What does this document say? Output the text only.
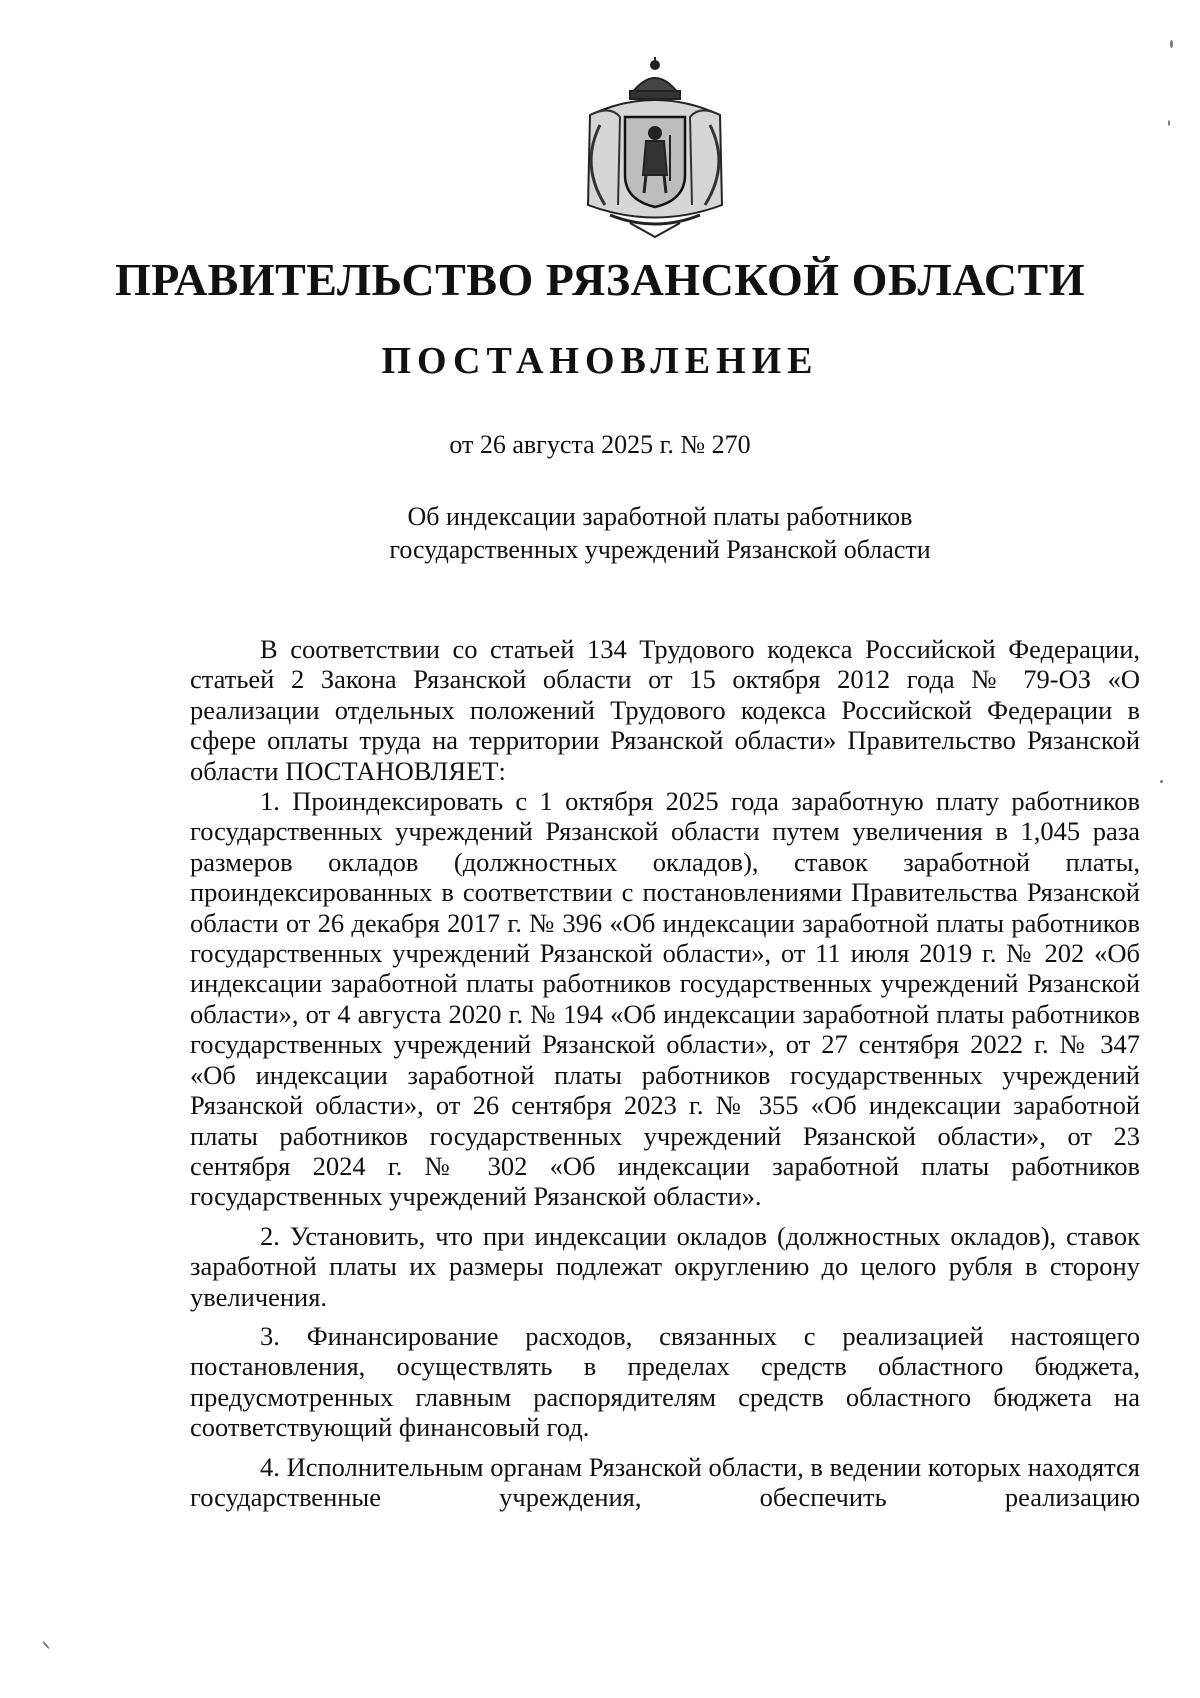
ПРАВИТЕЛЬСТВО РЯЗАНСКОЙ ОБЛАСТИ
ПОСТАНОВЛЕНИЕ
от 26 августа 2025 г. № 270
Об индексации заработной платы работников
государственных учреждений Рязанской области

В соответствии со статьей 134 Трудового кодекса Российской Федерации, статьей 2 Закона Рязанской области от 15 октября 2012 года № 79-ОЗ «О реализации отдельных положений Трудового кодекса Российской Федерации в сфере оплаты труда на территории Рязанской области» Правительство Рязанской области ПОСТАНОВЛЯЕТ:

1. Проиндексировать с 1 октября 2025 года заработную плату работников государственных учреждений Рязанской области путем увеличения в 1,045 раза размеров окладов (должностных окладов), ставок заработной платы, проиндексированных в соответствии с постановлениями Правительства Рязанской области от 26 декабря 2017 г. № 396 «Об индексации заработной платы работников государственных учреждений Рязанской области», от 11 июля 2019 г. № 202 «Об индексации заработной платы работников государственных учреждений Рязанской области», от 4 августа 2020 г. № 194 «Об индексации заработной платы работников государственных учреждений Рязанской области», от 27 сентября 2022 г. № 347 «Об индексации заработной платы работников государственных учреждений Рязанской области», от 26 сентября 2023 г. № 355 «Об индексации заработной платы работников государственных учреждений Рязанской области», от 23 сентября 2024 г. № 302 «Об индексации заработной платы работников государственных учреждений Рязанской области».

2. Установить, что при индексации окладов (должностных окладов), ставок заработной платы их размеры подлежат округлению до целого рубля в сторону увеличения.

3. Финансирование расходов, связанных с реализацией настоящего постановления, осуществлять в пределах средств областного бюджета, предусмотренных главным распорядителям средств областного бюджета на соответствующий финансовый год.

4. Исполнительным органам Рязанской области, в ведении которых находятся государственные учреждения, обеспечить реализацию
